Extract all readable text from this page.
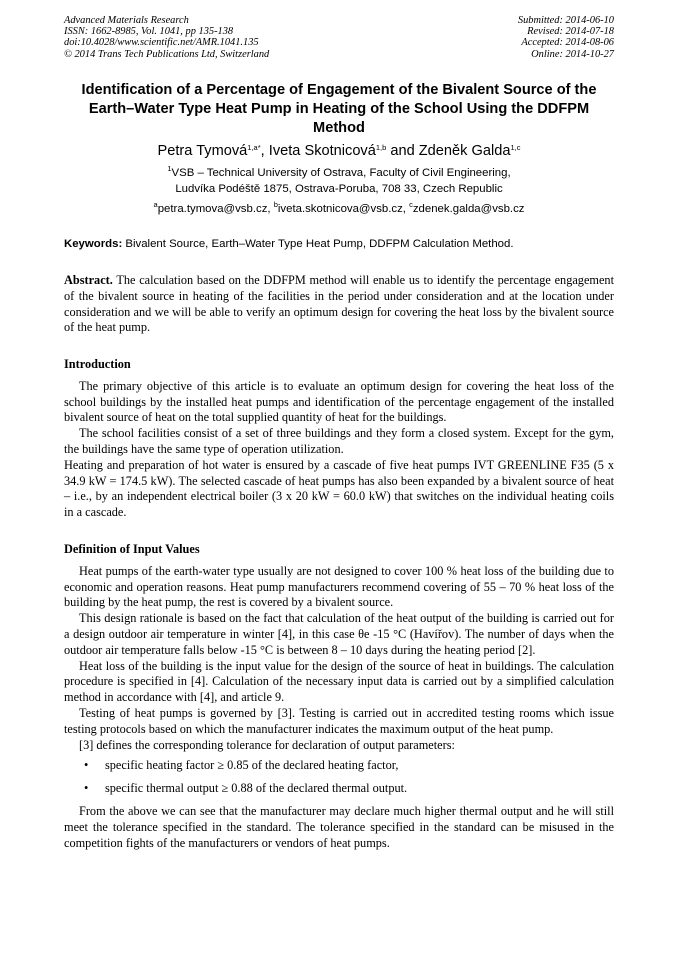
Advanced Materials Research
ISSN: 1662-8985, Vol. 1041, pp 135-138
doi:10.4028/www.scientific.net/AMR.1041.135
© 2014 Trans Tech Publications Ltd, Switzerland
Submitted: 2014-06-10
Revised: 2014-07-18
Accepted: 2014-08-06
Online: 2014-10-27
Identification of a Percentage of Engagement of the Bivalent Source of the Earth–Water Type Heat Pump in Heating of the School Using the DDFPM Method
Petra Tymová$^{1,a*}$, Iveta Skotnicová$^{1,b}$ and Zdeněk Galda$^{1,c}$
$^1$VSB – Technical University of Ostrava, Faculty of Civil Engineering,
Ludvíka Podéště 1875, Ostrava-Poruba, 708 33, Czech Republic
$^a$petra.tymova@vsb.cz, $^b$iveta.skotnicova@vsb.cz, $^c$zdenek.galda@vsb.cz
Keywords: Bivalent Source, Earth–Water Type Heat Pump, DDFPM Calculation Method.

Abstract. The calculation based on the DDFPM method will enable us to identify the percentage engagement of the bivalent source in heating of the facilities in the period under consideration and at the location under consideration and we will be able to verify an optimum design for covering the heat loss by the bivalent source of the heat pump.

Introduction

The primary objective of this article is to evaluate an optimum design for covering the heat loss of the school buildings by the installed heat pumps and identification of the percentage engagement of the installed bivalent source of heat on the total supplied quantity of heat for the buildings.

The school facilities consist of a set of three buildings and they form a closed system. Except for the gym, the buildings have the same type of operation utilization.

Heating and preparation of hot water is ensured by a cascade of five heat pumps IVT GREENLINE F35 (5 x 34.9 kW = 174.5 kW). The selected cascade of heat pumps has also been expanded by a bivalent source of heat – i.e., by an independent electrical boiler (3 x 20 kW = 60.0 kW) that switches on the individual heating coils in a cascade.

Definition of Input Values

Heat pumps of the earth-water type usually are not designed to cover 100 % heat loss of the building due to economic and operation reasons. Heat pump manufacturers recommend covering of 55 – 70 % heat loss of the building by the heat pump, the rest is covered by a bivalent source.

This design rationale is based on the fact that calculation of the heat output of the building is carried out for a design outdoor air temperature in winter [4], in this case θe -15 °C (Havířov). The number of days when the outdoor air temperature falls below -15 °C is between 8 – 10 days during the heating period [2].

Heat loss of the building is the input value for the design of the source of heat in buildings. The calculation procedure is specified in [4]. Calculation of the necessary input data is carried out by a simplified calculation method in accordance with [4], and article 9.

Testing of heat pumps is governed by [3]. Testing is carried out in accredited testing rooms which issue testing protocols based on which the manufacturer indicates the maximum output of the heat pump.

[3] defines the corresponding tolerance for declaration of output parameters:

• specific heating factor ≥ 0.85 of the declared heating factor,
• specific thermal output ≥ 0.88 of the declared thermal output.

From the above we can see that the manufacturer may declare much higher thermal output and he will still meet the tolerance specified in the standard. The tolerance specified in the standard can be misused in the competition fights of the manufacturers or vendors of heat pumps.
